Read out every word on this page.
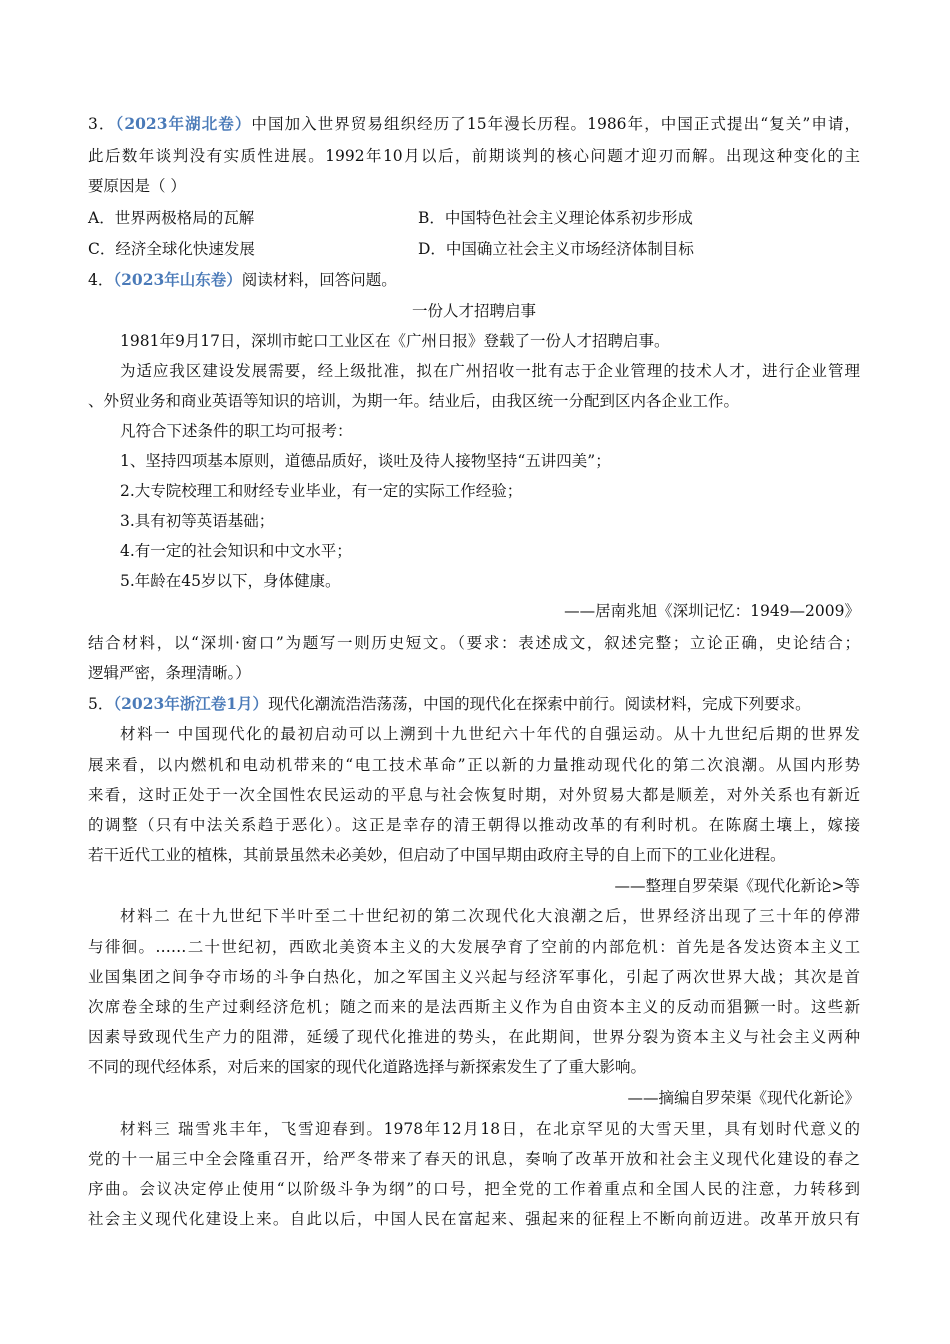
3．（2023年湖北卷）中国加入世界贸易组织经历了15年漫长历程。1986年，中国正式提出“复关”申请，
此后数年谈判没有实质性进展。1992年10月以后，前期谈判的核心问题才迎刃而解。出现这种变化的主
要原因是（ ）
A．世界两极格局的瓦解	B．中国特色社会主义理论体系初步形成
C．经济全球化快速发展	D．中国确立社会主义市场经济体制目标
4．（2023年山东卷）阅读材料，回答问题。
一份人才招聘启事
1981年9月17日，深圳市蛇口工业区在《广州日报》登载了一份人才招聘启事。
为适应我区建设发展需要，经上级批准，拟在广州招收一批有志于企业管理的技术人才，进行企业管理
、外贸业务和商业英语等知识的培训，为期一年。结业后，由我区统一分配到区内各企业工作。
凡符合下述条件的职工均可报考：
1、坚持四项基本原则，道德品质好，谈吐及待人接物坚持“五讲四美”；
2.大专院校理工和财经专业毕业，有一定的实际工作经验；
3.具有初等英语基础；
4.有一定的社会知识和中文水平；
5.年龄在45岁以下，身体健康。
——居南兆旭《深圳记忆：1949—2009》
结合材料，以“深圳·窗口”为题写一则历史短文。（要求：表述成文，叙述完整；立论正确，史论结合；
逻辑严密，条理清晰。）
5．（2023年浙江卷1月）现代化潮流浩浩荡荡，中国的现代化在探索中前行。阅读材料，完成下列要求。
材料一 中国现代化的最初启动可以上溯到十九世纪六十年代的自强运动。从十九世纪后期的世界发
展来看，以内燃机和电动机带来的“电工技术革命”正以新的力量推动现代化的第二次浪潮。从国内形势
来看，这时正处于一次全国性农民运动的平息与社会恢复时期，对外贸易大都是顺差，对外关系也有新近
的调整（只有中法关系趋于恶化）。这正是幸存的清王朝得以推动改革的有利时机。在陈腐土壤上，嫁接
若干近代工业的植株，其前景虽然未必美妙，但启动了中国早期由政府主导的自上而下的工业化进程。
——整理自罗荣渠《现代化新论>等
材料二 在十九世纪下半叶至二十世纪初的第二次现代化大浪潮之后，世界经济出现了三十年的停滞
与徘徊。……二十世纪初，西欧北美资本主义的大发展孕育了空前的内部危机：首先是各发达资本主义工
业国集团之间争夺市场的斗争白热化，加之军国主义兴起与经济军事化，引起了两次世界大战；其次是首
次席卷全球的生产过剩经济危机；随之而来的是法西斯主义作为自由资本主义的反动而猖獗一时。这些新
因素导致现代生产力的阻滞，延缓了现代化推进的势头，在此期间，世界分裂为资本主义与社会主义两种
不同的现代经体系，对后来的国家的现代化道路选择与新探索发生了了重大影响。
——摘编自罗荣渠《现代化新论》
材料三 瑞雪兆丰年，飞雪迎春到。1978年12月18日，在北京罕见的大雪天里，具有划时代意义的
党的十一届三中全会隆重召开，给严冬带来了春天的讯息，奏响了改革开放和社会主义现代化建设的春之
序曲。会议决定停止使用“以阶级斗争为纲”的口号，把全党的工作着重点和全国人民的注意，力转移到
社会主义现代化建设上来。自此以后，中国人民在富起来、强起来的征程上不断向前迈进。改革开放只有
